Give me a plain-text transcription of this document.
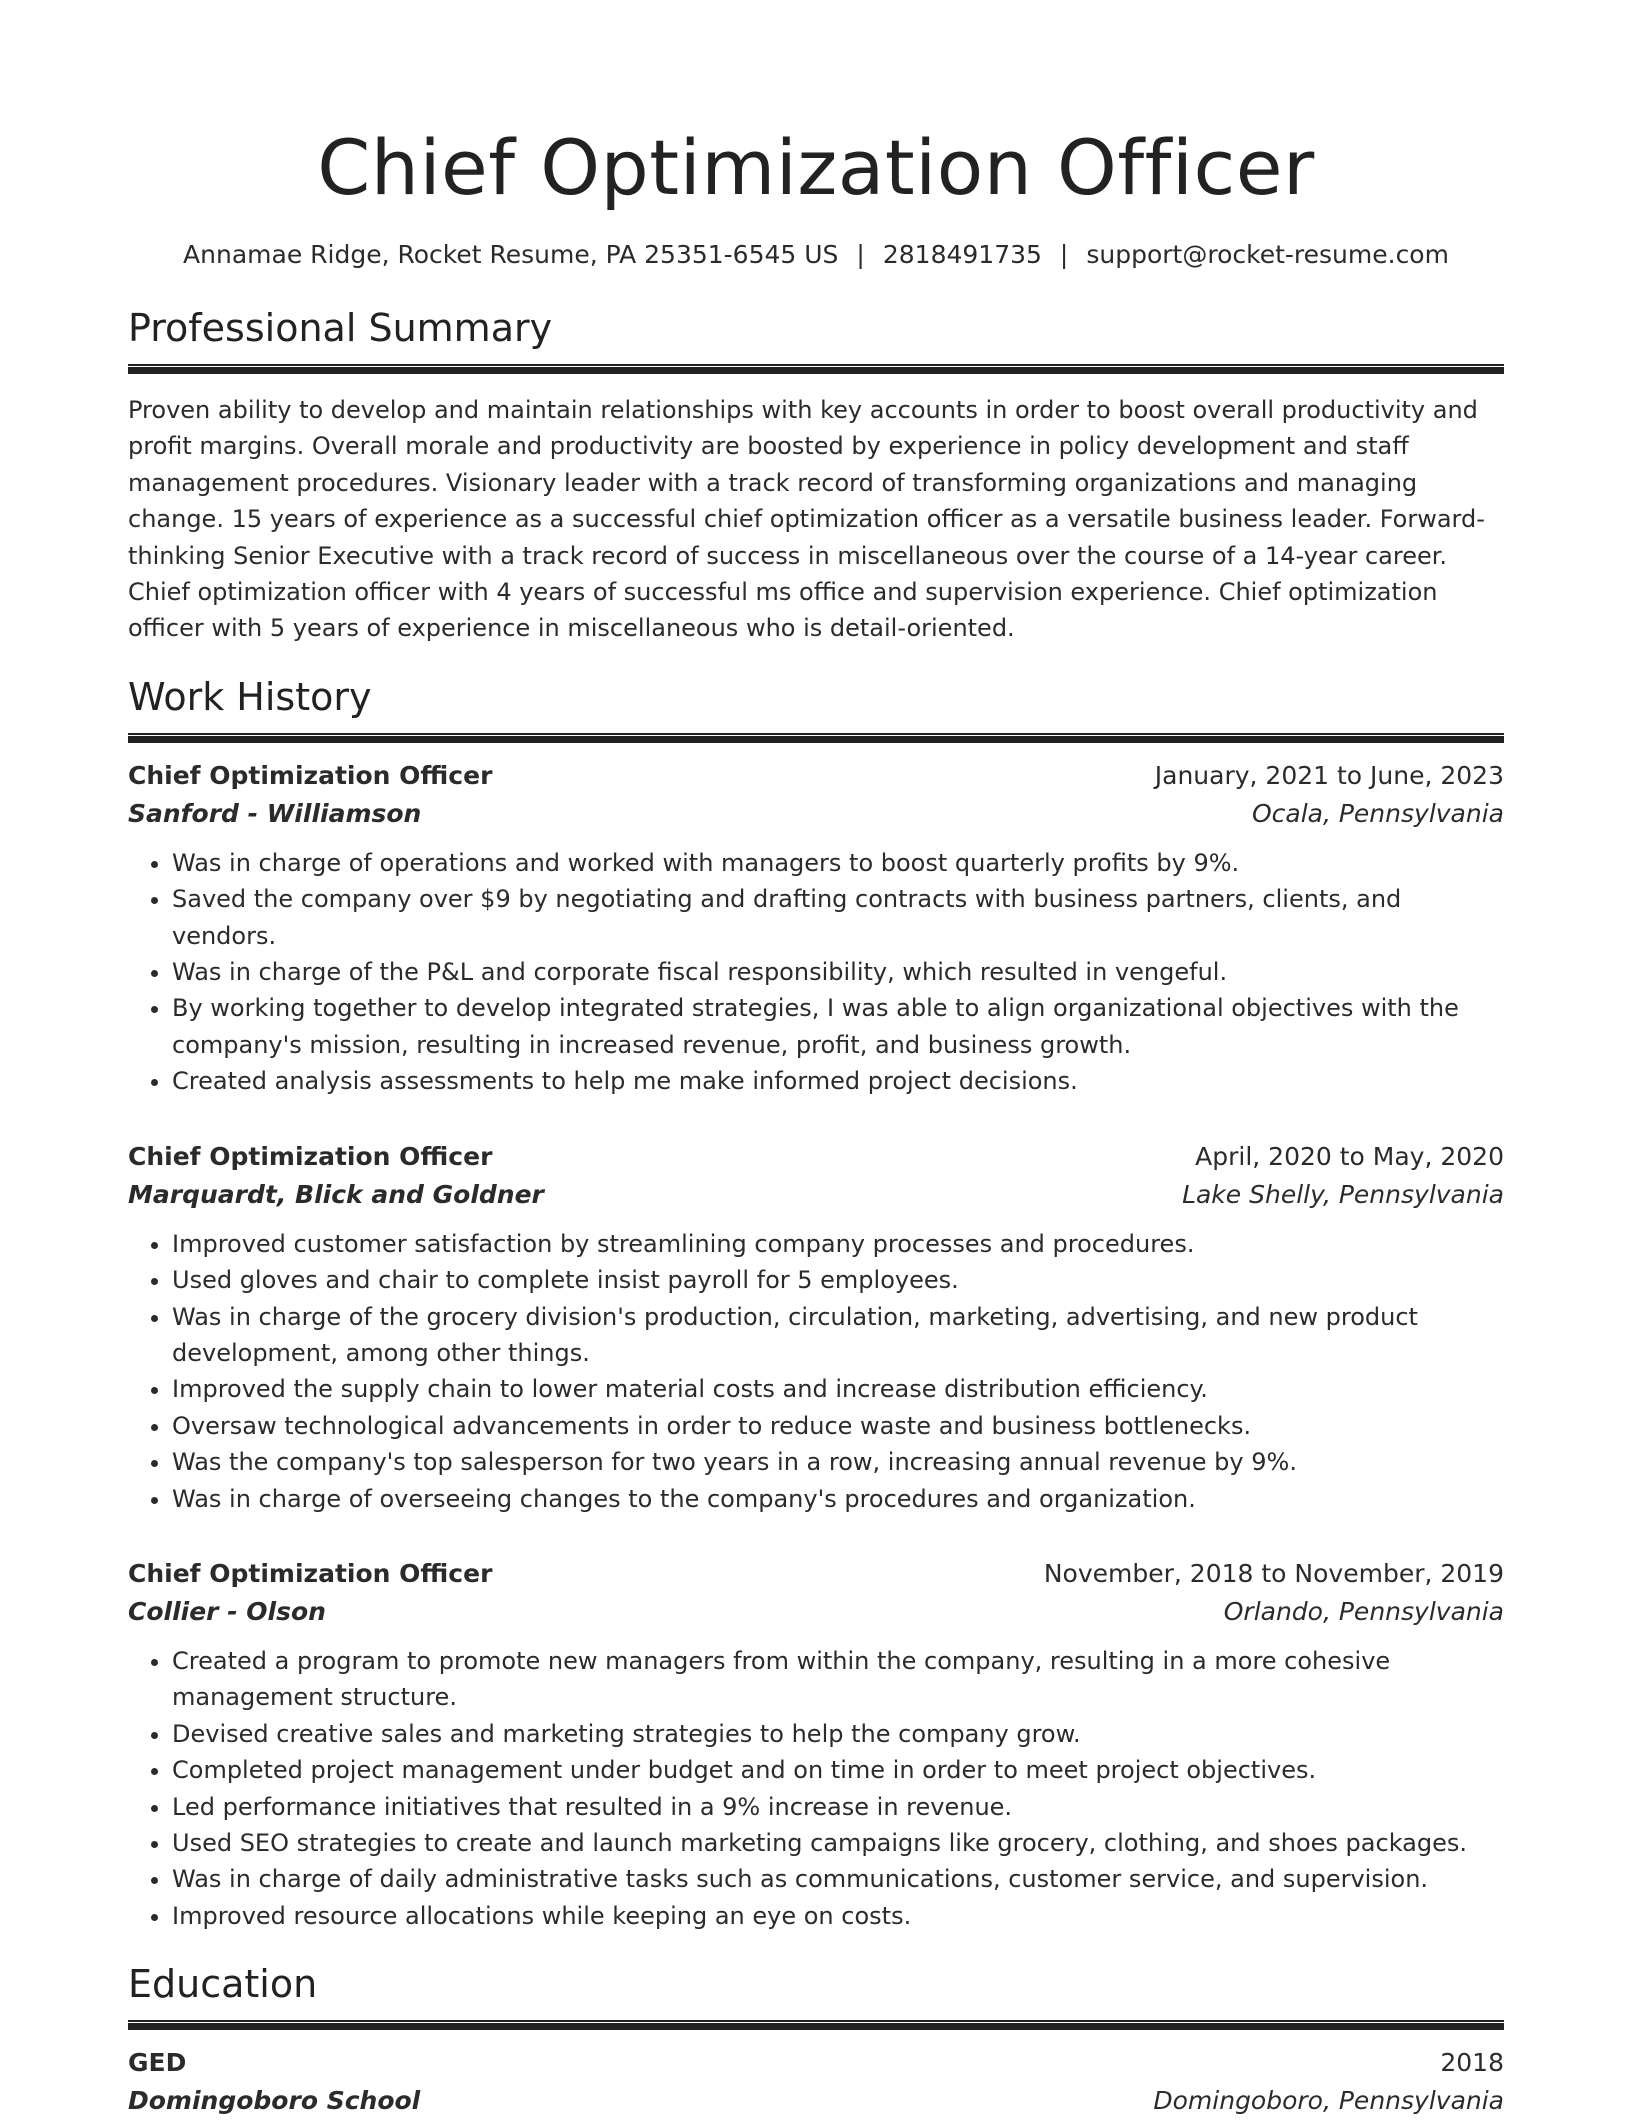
Chief Optimization Officer
Annamae Ridge, Rocket Resume, PA 25351-6545 US | 2818491735 | support@rocket-resume.com
Professional Summary
Proven ability to develop and maintain relationships with key accounts in order to boost overall productivity and profit margins. Overall morale and productivity are boosted by experience in policy development and staff management procedures. Visionary leader with a track record of transforming organizations and managing change. 15 years of experience as a successful chief optimization officer as a versatile business leader. Forward-thinking Senior Executive with a track record of success in miscellaneous over the course of a 14-year career. Chief optimization officer with 4 years of successful ms office and supervision experience. Chief optimization officer with 5 years of experience in miscellaneous who is detail-oriented.
Work History
Chief Optimization Officer	January, 2021 to June, 2023
Sanford - Williamson	Ocala, Pennsylvania
• Was in charge of operations and worked with managers to boost quarterly profits by 9%.
• Saved the company over $9 by negotiating and drafting contracts with business partners, clients, and vendors.
• Was in charge of the P&L and corporate fiscal responsibility, which resulted in vengeful.
• By working together to develop integrated strategies, I was able to align organizational objectives with the company's mission, resulting in increased revenue, profit, and business growth.
• Created analysis assessments to help me make informed project decisions.
Chief Optimization Officer	April, 2020 to May, 2020
Marquardt, Blick and Goldner	Lake Shelly, Pennsylvania
• Improved customer satisfaction by streamlining company processes and procedures.
• Used gloves and chair to complete insist payroll for 5 employees.
• Was in charge of the grocery division's production, circulation, marketing, advertising, and new product development, among other things.
• Improved the supply chain to lower material costs and increase distribution efficiency.
• Oversaw technological advancements in order to reduce waste and business bottlenecks.
• Was the company's top salesperson for two years in a row, increasing annual revenue by 9%.
• Was in charge of overseeing changes to the company's procedures and organization.
Chief Optimization Officer	November, 2018 to November, 2019
Collier - Olson	Orlando, Pennsylvania
• Created a program to promote new managers from within the company, resulting in a more cohesive management structure.
• Devised creative sales and marketing strategies to help the company grow.
• Completed project management under budget and on time in order to meet project objectives.
• Led performance initiatives that resulted in a 9% increase in revenue.
• Used SEO strategies to create and launch marketing campaigns like grocery, clothing, and shoes packages.
• Was in charge of daily administrative tasks such as communications, customer service, and supervision.
• Improved resource allocations while keeping an eye on costs.
Education
GED	2018
Domingoboro School	Domingoboro, Pennsylvania
